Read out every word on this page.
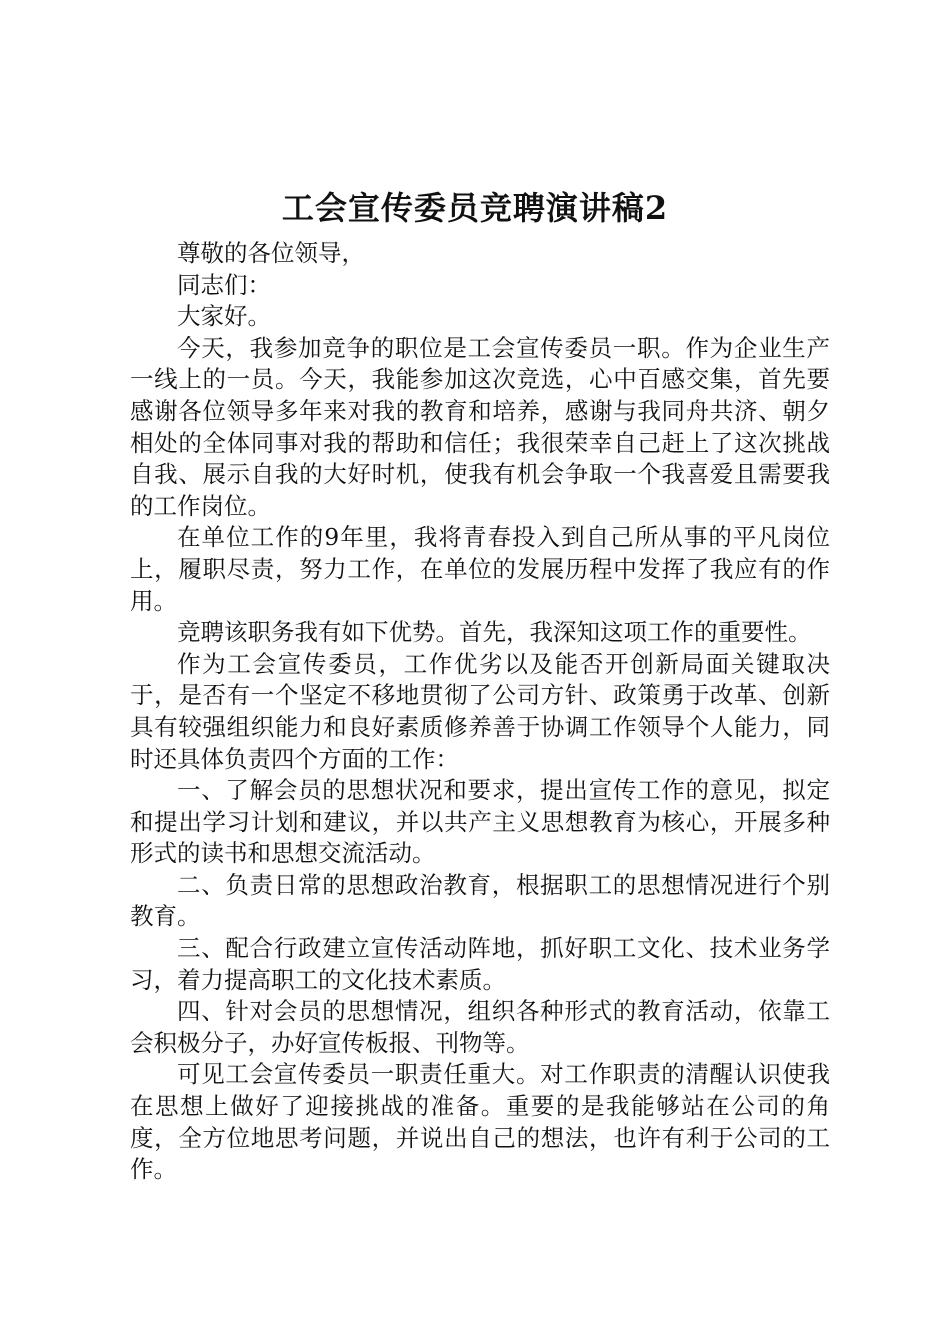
工会宣传委员竞聘演讲稿2

尊敬的各位领导，

同志们：

大家好。

今天，我参加竞争的职位是工会宣传委员一职。作为企业生产一线上的一员。今天，我能参加这次竞选，心中百感交集，首先要感谢各位领导多年来对我的教育和培养，感谢与我同舟共济、朝夕相处的全体同事对我的帮助和信任；我很荣幸自己赶上了这次挑战自我、展示自我的大好时机，使我有机会争取一个我喜爱且需要我的工作岗位。

在单位工作的9年里，我将青春投入到自己所从事的平凡岗位上，履职尽责，努力工作，在单位的发展历程中发挥了我应有的作用。

竞聘该职务我有如下优势。首先，我深知这项工作的重要性。

作为工会宣传委员，工作优劣以及能否开创新局面关键取决于，是否有一个坚定不移地贯彻了公司方针、政策勇于改革、创新具有较强组织能力和良好素质修养善于协调工作领导个人能力，同时还具体负责四个方面的工作：

一、了解会员的思想状况和要求，提出宣传工作的意见，拟定和提出学习计划和建议，并以共产主义思想教育为核心，开展多种形式的读书和思想交流活动。

二、负责日常的思想政治教育，根据职工的思想情况进行个别教育。

三、配合行政建立宣传活动阵地，抓好职工文化、技术业务学习，着力提高职工的文化技术素质。

四、针对会员的思想情况，组织各种形式的教育活动，依靠工会积极分子，办好宣传板报、刊物等。

可见工会宣传委员一职责任重大。对工作职责的清醒认识使我在思想上做好了迎接挑战的准备。重要的是我能够站在公司的角度，全方位地思考问题，并说出自己的想法，也许有利于公司的工作。
